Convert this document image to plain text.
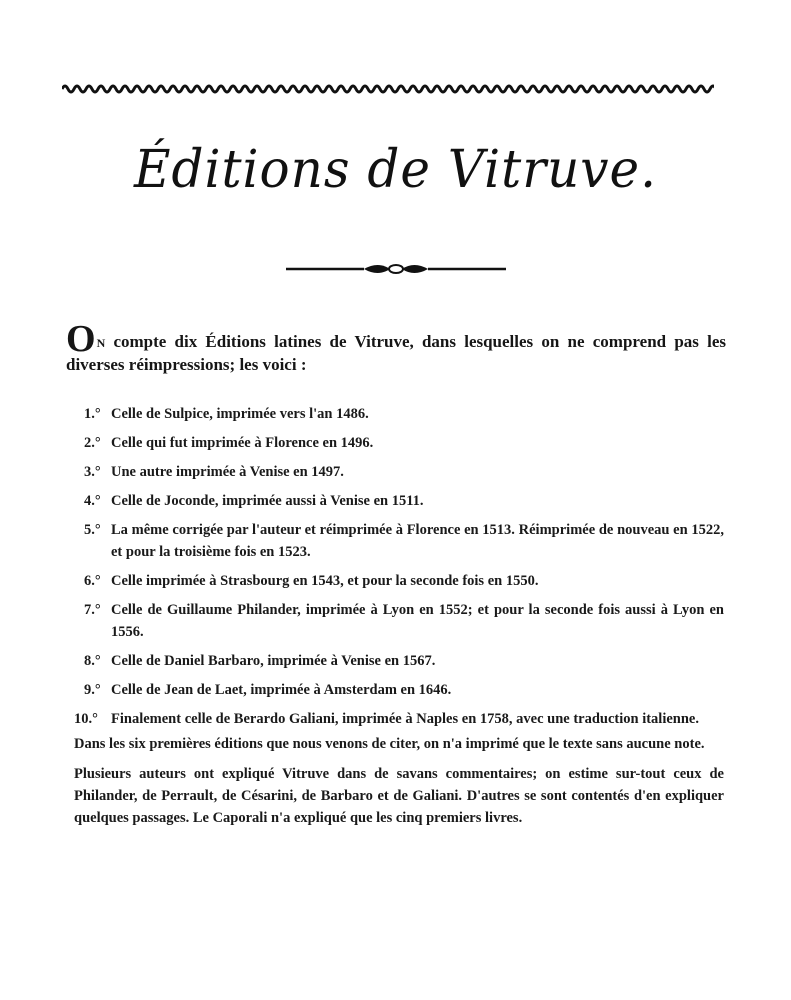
Éditions de Vitruve.
On compte dix Éditions latines de Vitruve, dans lesquelles on ne comprend pas les diverses réimpressions; les voici :
1.° Celle de Sulpice, imprimée vers l'an 1486.
2.° Celle qui fut imprimée à Florence en 1496.
3.° Une autre imprimée à Venise en 1497.
4.° Celle de Joconde, imprimée aussi à Venise en 1511.
5.° La même corrigée par l'auteur et réimprimée à Florence en 1513. Réimprimée de nouveau en 1522, et pour la troisième fois en 1523.
6.° Celle imprimée à Strasbourg en 1543, et pour la seconde fois en 1550.
7.° Celle de Guillaume Philander, imprimée à Lyon en 1552; et pour la seconde fois aussi à Lyon en 1556.
8.° Celle de Daniel Barbaro, imprimée à Venise en 1567.
9.° Celle de Jean de Laet, imprimée à Amsterdam en 1646.
10.° Finalement celle de Berardo Galiani, imprimée à Naples en 1758, avec une traduction italienne.
Dans les six premières éditions que nous venons de citer, on n'a imprimé que le texte sans aucune note.
Plusieurs auteurs ont expliqué Vitruve dans de savans commentaires; on estime sur-tout ceux de Philander, de Perrault, de Césarini, de Barbaro et de Galiani. D'autres se sont contentés d'en expliquer quelques passages. Le Caporali n'a expliqué que les cinq premiers livres.
